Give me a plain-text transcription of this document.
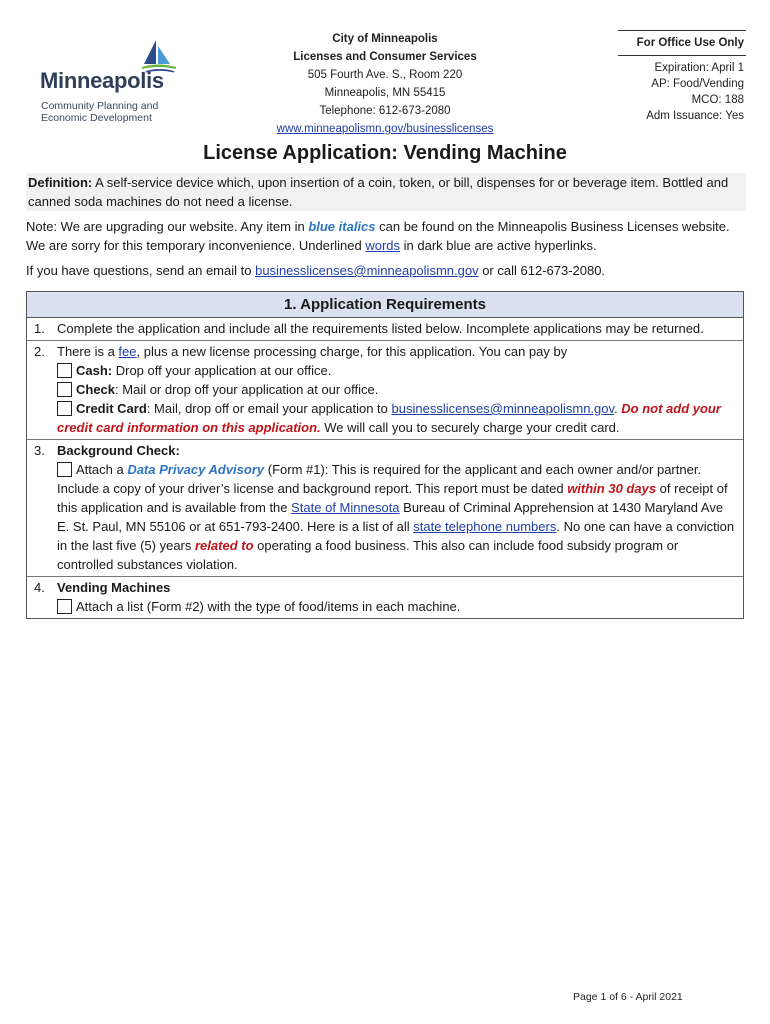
Minneapolis
Community Planning and
Economic Development
City of Minneapolis
Licenses and Consumer Services
505 Fourth Ave. S., Room 220
Minneapolis, MN 55415
Telephone: 612-673-2080
www.minneapolismn.gov/businesslicenses
For Office Use Only
Expiration: April 1
AP: Food/Vending
MCO: 188
Adm Issuance: Yes
License Application: Vending Machine
Definition: A self-service device which, upon insertion of a coin, token, or bill, dispenses for or beverage item. Bottled and canned soda machines do not need a license.
Note: We are upgrading our website. Any item in blue italics can be found on the Minneapolis Business Licenses website. We are sorry for this temporary inconvenience. Underlined words in dark blue are active hyperlinks.
If you have questions, send an email to businesslicenses@minneapolismn.gov or call 612-673-2080.
1. Application Requirements
1. Complete the application and include all the requirements listed below. Incomplete applications may be returned.
2. There is a fee, plus a new license processing charge, for this application. You can pay by
Cash: Drop off your application at our office.
Check: Mail or drop off your application at our office.
Credit Card: Mail, drop off or email your application to businesslicenses@minneapolismn.gov. Do not add your credit card information on this application. We will call you to securely charge your credit card.
3. Background Check:
Attach a Data Privacy Advisory (Form #1): This is required for the applicant and each owner and/or partner. Include a copy of your driver’s license and background report. This report must be dated within 30 days of receipt of this application and is available from the State of Minnesota Bureau of Criminal Apprehension at 1430 Maryland Ave E. St. Paul, MN 55106 or at 651-793-2400. Here is a list of all state telephone numbers. No one can have a conviction in the last five (5) years related to operating a food business. This also can include food subsidy program or controlled substances violation.
4. Vending Machines
Attach a list (Form #2) with the type of food/items in each machine.
Page 1 of 6 - April 2021
